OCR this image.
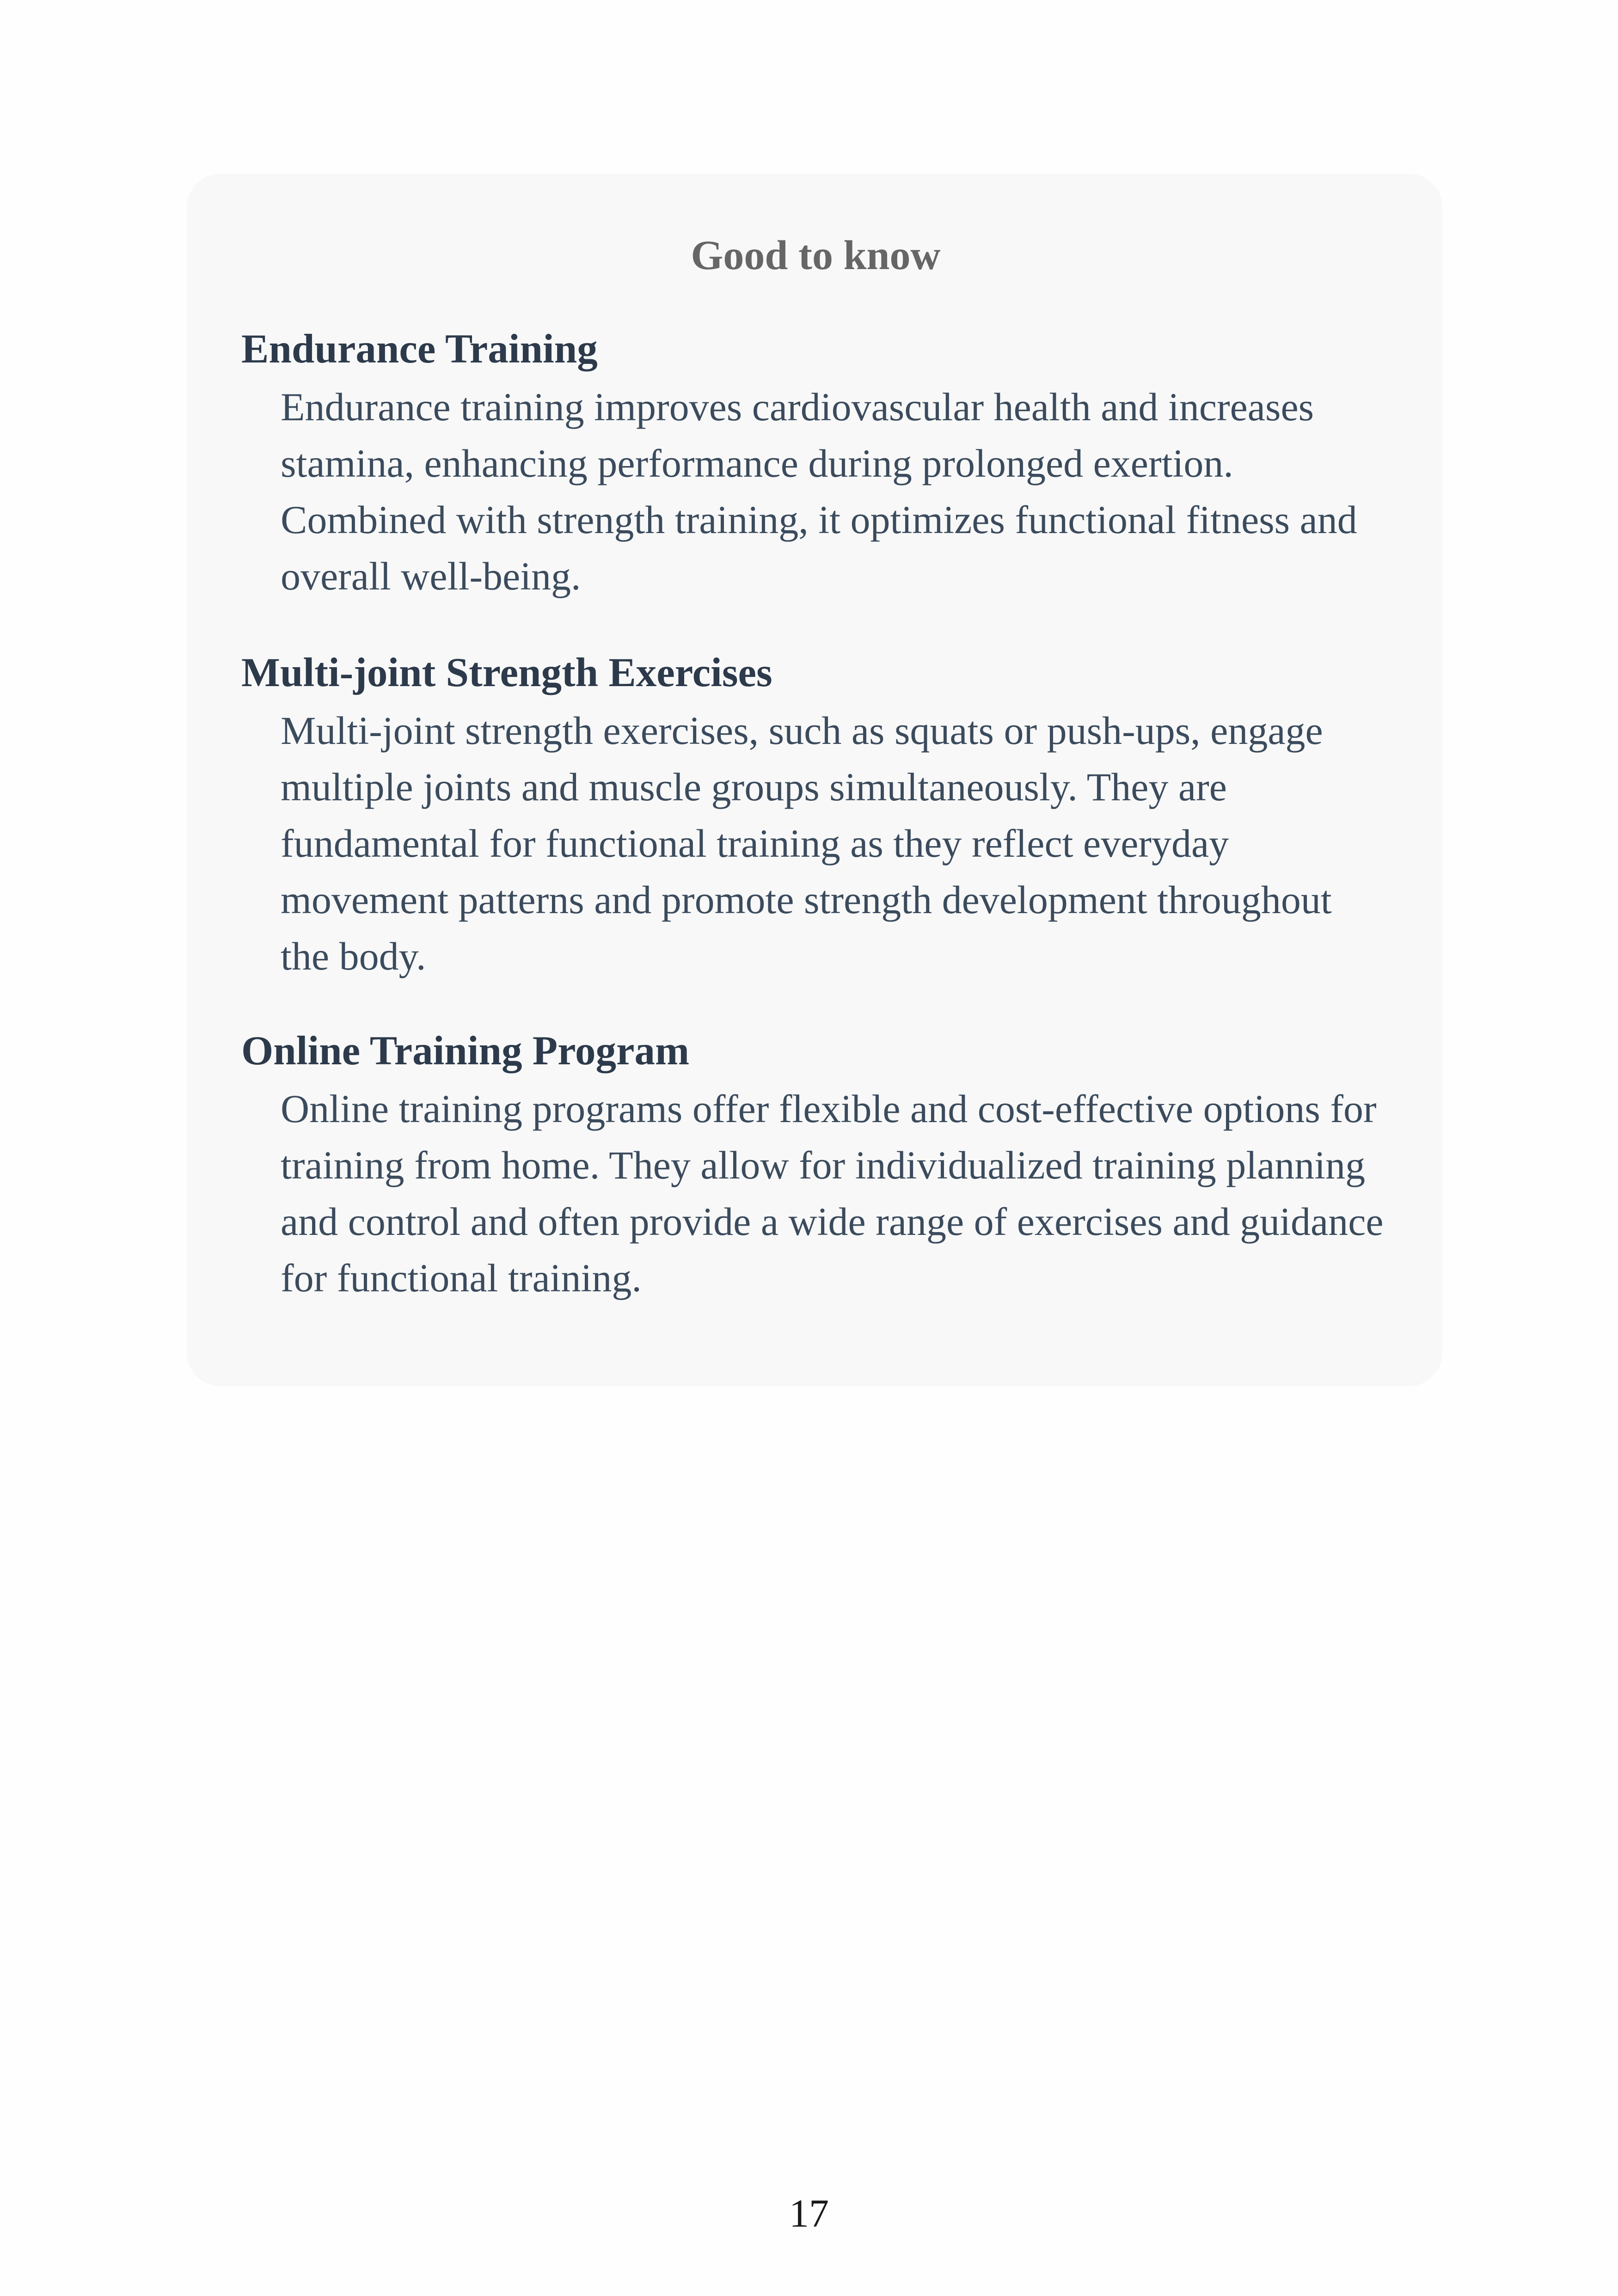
Good to know
Endurance Training

Endurance training improves cardiovascular health and increases stamina, enhancing performance during prolonged exertion. Combined with strength training, it optimizes functional fitness and overall well-being.

Multi-joint Strength Exercises

Multi-joint strength exercises, such as squats or push-ups, engage multiple joints and muscle groups simultaneously. They are fundamental for functional training as they reflect everyday movement patterns and promote strength development throughout the body.

Online Training Program

Online training programs offer flexible and cost-effective options for training from home. They allow for individualized training planning and control and often provide a wide range of exercises and guidance for functional training.

17
